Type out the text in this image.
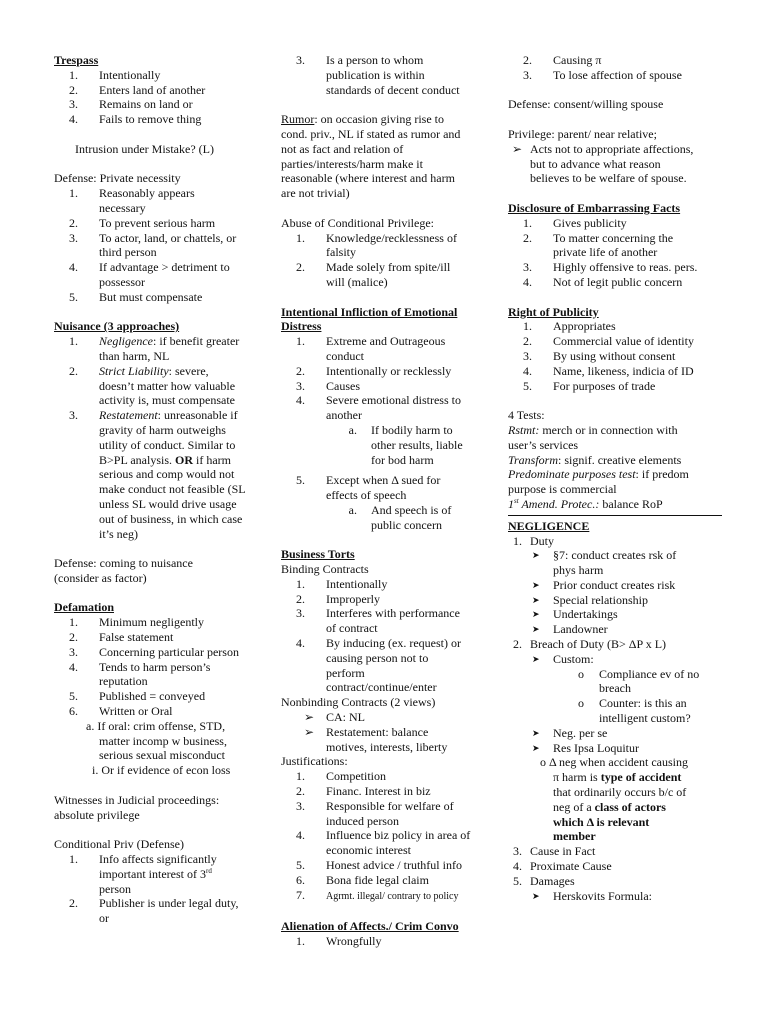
Trespass
1. Intentionally
2. Enters land of another
3. Remains on land or
4. Fails to remove thing
Intrusion under Mistake? (L)
Defense: Private necessity
1. Reasonably appears
necessary
2. To prevent serious harm
3. To actor, land, or chattels, or
third person
4. If advantage > detriment to
possessor
5. But must compensate
Nuisance (3 approaches)
1. Negligence: if benefit greater
than harm, NL
2. Strict Liability: severe,
doesn’t matter how valuable
activity is, must compensate
3. Restatement: unreasonable if
gravity of harm outweighs
utility of conduct. Similar to
B>PL analysis. OR if harm
serious and comp would not
make conduct not feasible (SL
unless SL would drive usage
out of business, in which case
it’s neg)
Defense: coming to nuisance
(consider as factor)
Defamation
1. Minimum negligently
2. False statement
3. Concerning particular person
4. Tends to harm person’s
reputation
5. Published = conveyed
6. Written or Oral
a. If oral: crim offense, STD,
matter incomp w business,
serious sexual misconduct
i. Or if evidence of econ loss
Witnesses in Judicial proceedings:
absolute privilege
Conditional Priv (Defense)
1. Info affects significantly
important interest of 3rd
person
2. Publisher is under legal duty,
or
3. Is a person to whom
publication is within
standards of decent conduct
Rumor: on occasion giving rise to
cond. priv., NL if stated as rumor and
not as fact and relation of
parties/interests/harm make it
reasonable (where interest and harm
are not trivial)
Abuse of Conditional Privilege:
1. Knowledge/recklessness of
falsity
2. Made solely from spite/ill
will (malice)
Intentional Infliction of Emotional
Distress
1. Extreme and Outrageous
conduct
2. Intentionally or recklessly
3. Causes
4. Severe emotional distress to
another
a. If bodily harm to
other results, liable
for bod harm
5. Except when Δ sued for
effects of speech
a. And speech is of
public concern
Business Torts
Binding Contracts
1. Intentionally
2. Improperly
3. Interferes with performance
of contract
4. By inducing (ex. request) or
causing person not to
perform
contract/continue/enter
Nonbinding Contracts (2 views)
➢ CA: NL
➢ Restatement: balance
motives, interests, liberty
Justifications:
1. Competition
2. Financ. Interest in biz
3. Responsible for welfare of
induced person
4. Influence biz policy in area of
economic interest
5. Honest advice / truthful info
6. Bona fide legal claim
7. Agrmt. illegal/ contrary to policy
Alienation of Affects./ Crim Convo
1. Wrongfully
2. Causing π
3. To lose affection of spouse
Defense: consent/willing spouse
Privilege: parent/ near relative;
➢ Acts not to appropriate affections,
but to advance what reason
believes to be welfare of spouse.
Disclosure of Embarrassing Facts
1. Gives publicity
2. To matter concerning the
private life of another
3. Highly offensive to reas. pers.
4. Not of legit public concern
Right of Publicity
1. Appropriates
2. Commercial value of identity
3. By using without consent
4. Name, likeness, indicia of ID
5. For purposes of trade
4 Tests:
Rstmt: merch or in connection with
user’s services
Transform: signif. creative elements
Predominate purposes test: if predom
purpose is commercial
1st Amend. Protec.: balance RoP
NEGLIGENCE
1. Duty
➤ §7: conduct creates rsk of
phys harm
➤ Prior conduct creates risk
➤ Special relationship
➤ Undertakings
➤ Landowner
2. Breach of Duty (B> ΔP x L)
➤ Custom:
o Compliance ev of no
breach
o Counter: is this an
intelligent custom?
➤ Neg. per se
➤ Res Ipsa Loquitur
o Δ neg when accident causing
π harm is type of accident
that ordinarily occurs b/c of
neg of a class of actors
which Δ is relevant
member
3. Cause in Fact
4. Proximate Cause
5. Damages
➤ Herskovits Formula:
